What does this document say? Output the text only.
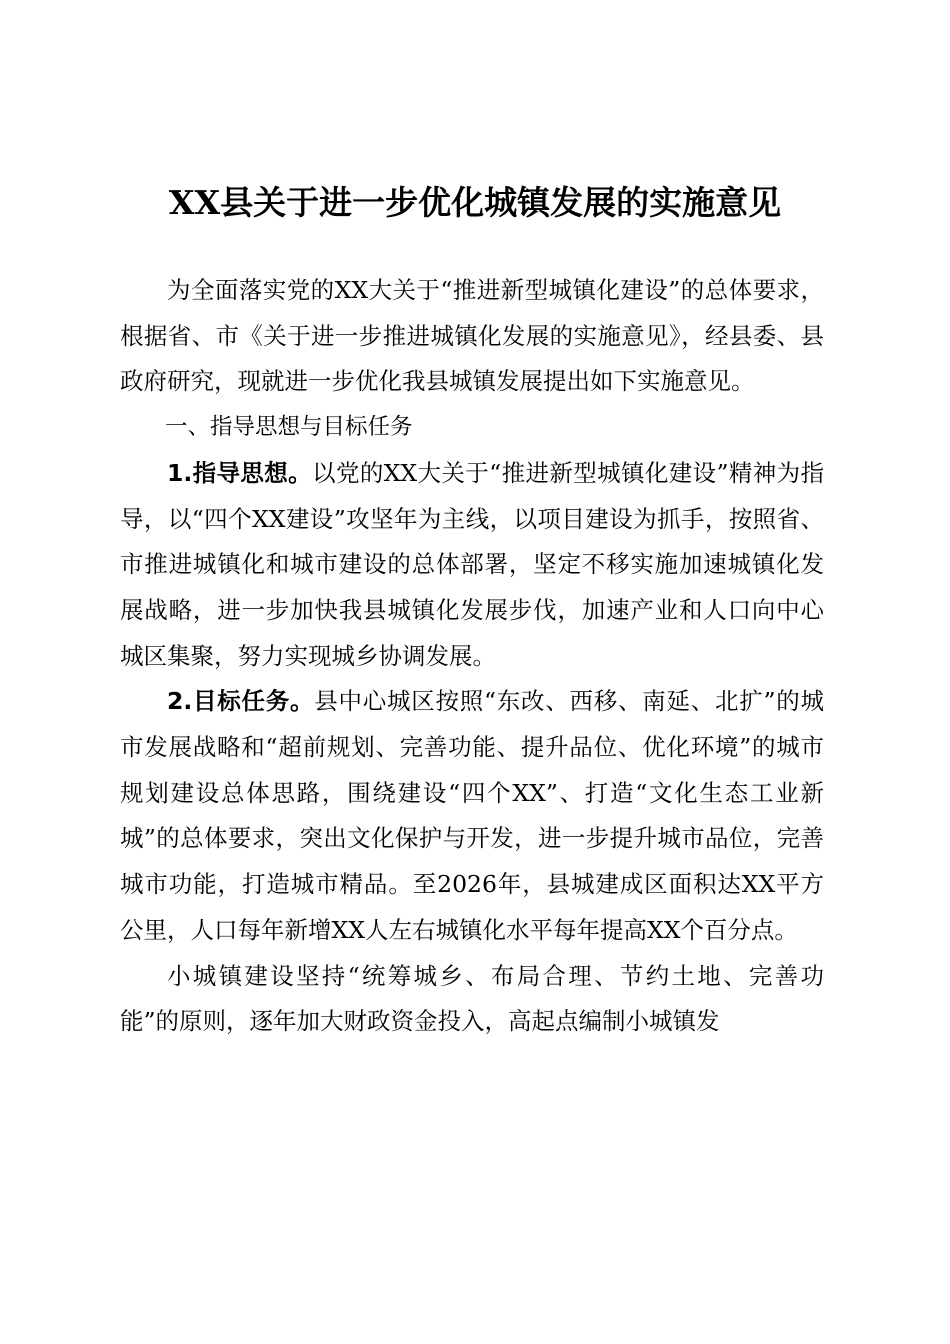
XX县关于进一步优化城镇发展的实施意见

为全面落实党的XX大关于“推进新型城镇化建设”的总体要求，根据省、市《关于进一步推进城镇化发展的实施意见》，经县委、县政府研究，现就进一步优化我县城镇发展提出如下实施意见。

一、指导思想与目标任务

1.指导思想。以党的XX大关于“推进新型城镇化建设”精神为指导，以“四个XX建设”攻坚年为主线，以项目建设为抓手，按照省、市推进城镇化和城市建设的总体部署，坚定不移实施加速城镇化发展战略，进一步加快我县城镇化发展步伐，加速产业和人口向中心城区集聚，努力实现城乡协调发展。

2.目标任务。县中心城区按照“东改、西移、南延、北扩”的城市发展战略和“超前规划、完善功能、提升品位、优化环境”的城市规划建设总体思路，围绕建设“四个XX”、打造“文化生态工业新城”的总体要求，突出文化保护与开发，进一步提升城市品位，完善城市功能，打造城市精品。至2026年，县城建成区面积达XX平方公里，人口每年新增XX人左右城镇化水平每年提高XX个百分点。

小城镇建设坚持“统筹城乡、布局合理、节约土地、完善功能”的原则，逐年加大财政资金投入，高起点编制小城镇发
